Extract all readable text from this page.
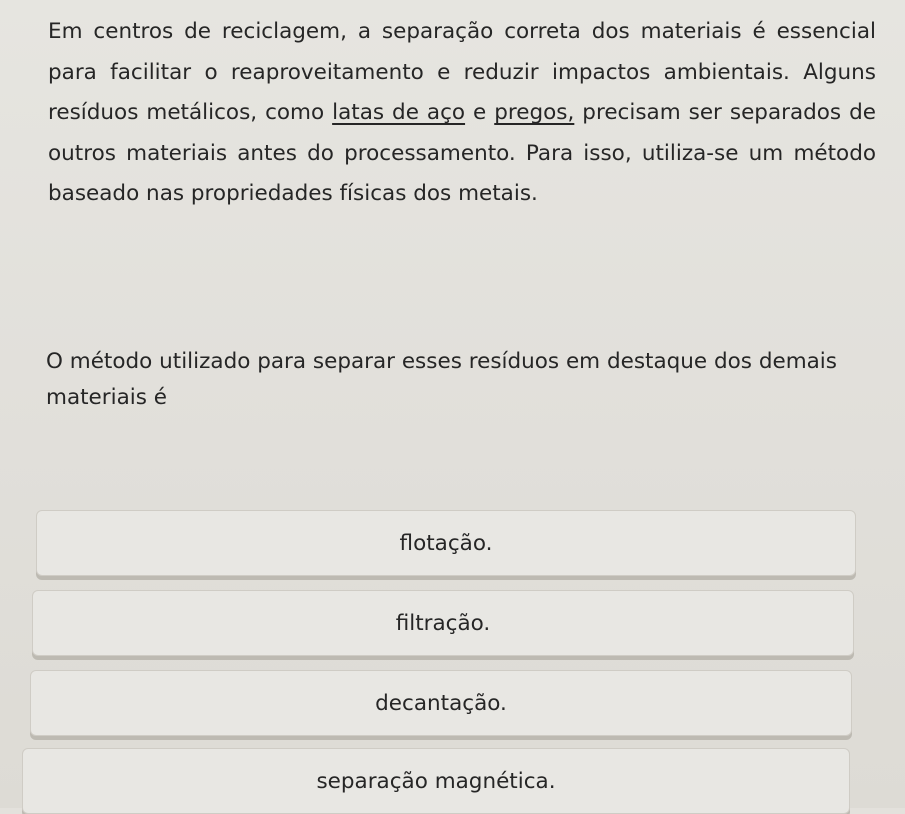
Em centros de reciclagem, a separação correta dos materiais é essencial para facilitar o reaproveitamento e reduzir impactos ambientais. Alguns resíduos metálicos, como latas de aço e pregos, precisam ser separados de outros materiais antes do processamento. Para isso, utiliza-se um método baseado nas propriedades físicas dos metais.

O método utilizado para separar esses resíduos em destaque dos demais materiais é

flotação.
filtração.
decantação.
separação magnética.
